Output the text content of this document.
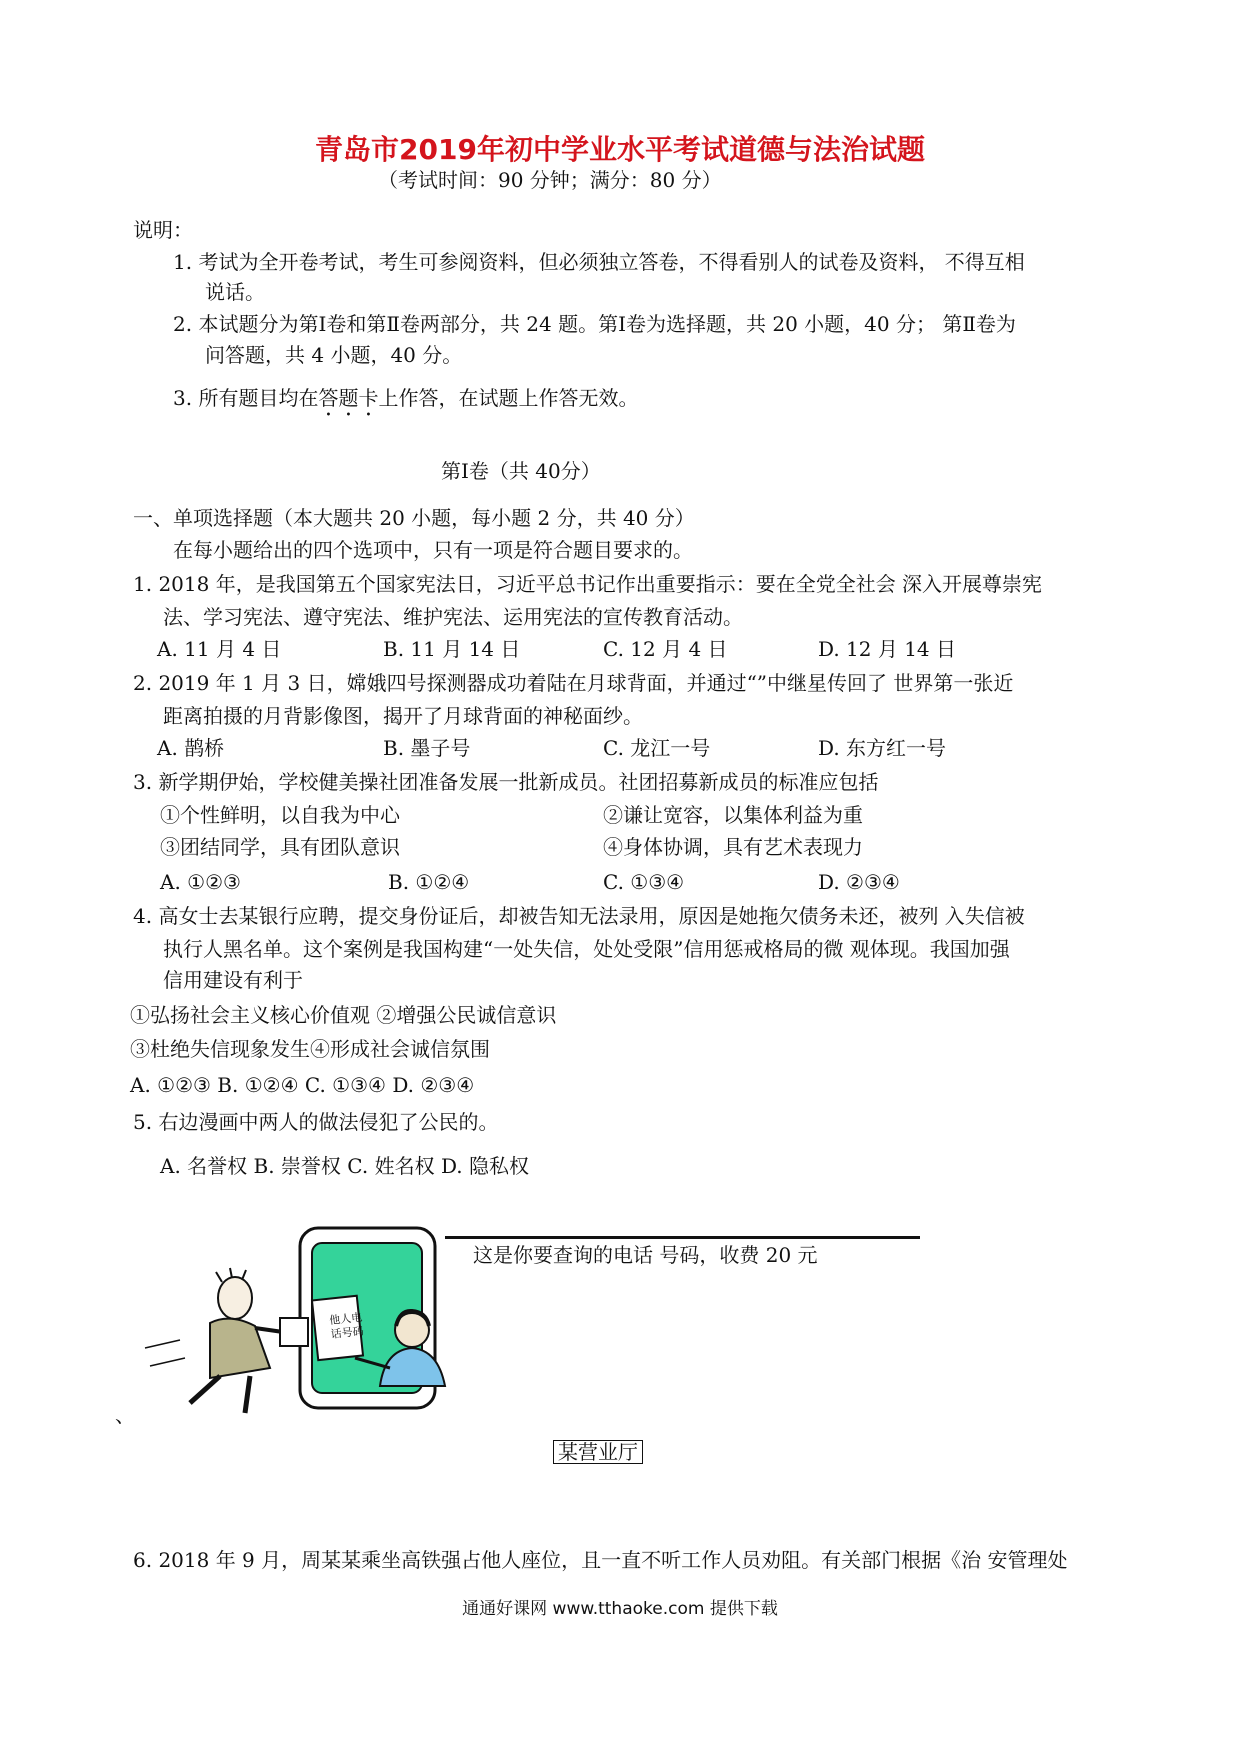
青岛市2019年初中学业水平考试道德与法治试题
（考试时间：90 分钟；满分：80 分）
说明：
1. 考试为全开卷考试，考生可参阅资料，但必须独立答卷，不得看别人的试卷及资料， 不得互相
说话。
2. 本试题分为第Ⅰ卷和第Ⅱ卷两部分，共 24 题。第Ⅰ卷为选择题，共 20 小题，40 分； 第Ⅱ卷为
问答题，共 4 小题，40 分。
3. 所有题目均在答题卡上作答，在试题上作答无效。
第Ⅰ卷（共 40分）
一、单项选择题（本大题共 20 小题，每小题 2 分，共 40 分）
在每小题给出的四个选项中，只有一项是符合题目要求的。
1. 2018 年，是我国第五个国家宪法日，习近平总书记作出重要指示：要在全党全社会 深入开展尊崇宪
法、学习宪法、遵守宪法、维护宪法、运用宪法的宣传教育活动。
A. 11 月 4 日	B. 11 月 14 日	C. 12 月 4 日	D. 12 月 14 日
2. 2019 年 1 月 3 日，嫦娥四号探测器成功着陆在月球背面，并通过“”中继星传回了 世界第一张近
距离拍摄的月背影像图，揭开了月球背面的神秘面纱。
A. 鹊桥	B. 墨子号	C. 龙江一号	D. 东方红一号
3. 新学期伊始，学校健美操社团准备发展一批新成员。社团招募新成员的标准应包括
①个性鲜明，以自我为中心	②谦让宽容，以集体利益为重
③团结同学，具有团队意识	④身体协调，具有艺术表现力
A. ①②③	B. ①②④	C. ①③④	D. ②③④
4. 高女士去某银行应聘，提交身份证后，却被告知无法录用，原因是她拖欠债务未还，被列 入失信被
执行人黑名单。这个案例是我国构建“一处失信，处处受限”信用惩戒格局的微 观体现。我国加强
信用建设有利于
①弘扬社会主义核心价值观 ②增强公民诚信意识
③杜绝失信现象发生④形成社会诚信氛围
A. ①②③ B. ①②④ C. ①③④ D. ②③④
5. 右边漫画中两人的做法侵犯了公民的。
A. 名誉权 B. 崇誉权 C. 姓名权 D. 隐私权
这是你要查询的电话 号码，收费 20 元
他人电话号码
、
某营业厅
6. 2018 年 9 月，周某某乘坐高铁强占他人座位，且一直不听工作人员劝阻。有关部门根据《治 安管理处
通通好课网 www.tthaoke.com 提供下载
